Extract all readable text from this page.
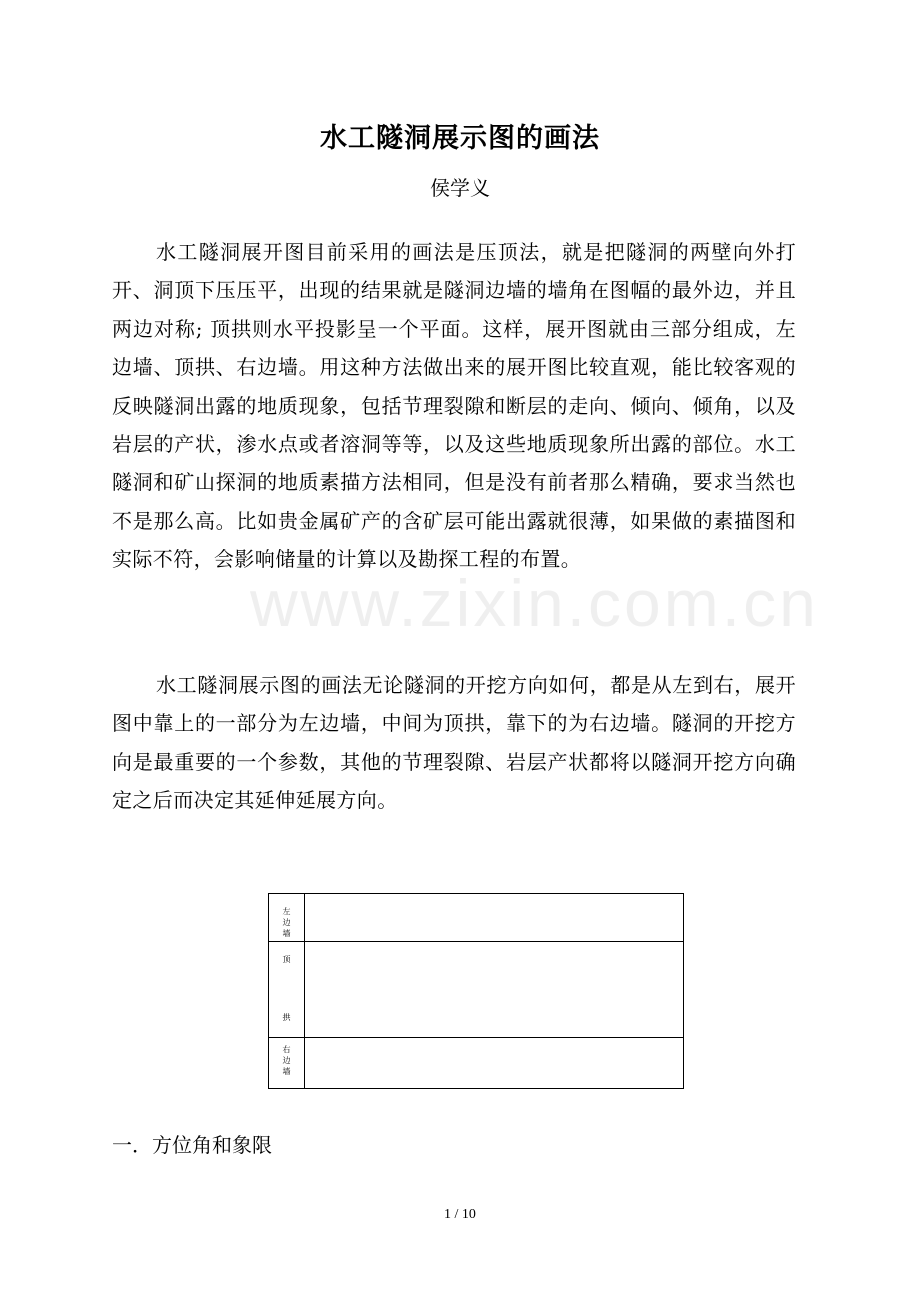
水工隧洞展示图的画法
侯学义

水工隧洞展开图目前采用的画法是压顶法，就是把隧洞的两壁向外打开、洞顶下压压平，出现的结果就是隧洞边墙的墙角在图幅的最外边，并且两边对称; 顶拱则水平投影呈一个平面。这样，展开图就由三部分组成，左边墙、顶拱、右边墙。用这种方法做出来的展开图比较直观，能比较客观的反映隧洞出露的地质现象，包括节理裂隙和断层的走向、倾向、倾角，以及岩层的产状，渗水点或者溶洞等等，以及这些地质现象所出露的部位。水工隧洞和矿山探洞的地质素描方法相同，但是没有前者那么精确，要求当然也不是那么高。比如贵金属矿产的含矿层可能出露就很薄，如果做的素描图和实际不符，会影响储量的计算以及勘探工程的布置。

水工隧洞展示图的画法无论隧洞的开挖方向如何，都是从左到右，展开图中靠上的一部分为左边墙，中间为顶拱，靠下的为右边墙。隧洞的开挖方向是最重要的一个参数，其他的节理裂隙、岩层产状都将以隧洞开挖方向确定之后而决定其延伸延展方向。

www.zixin.com.cn
左
边
墙
顶
拱
右
边
墙
一．方位角和象限
1 / 10
